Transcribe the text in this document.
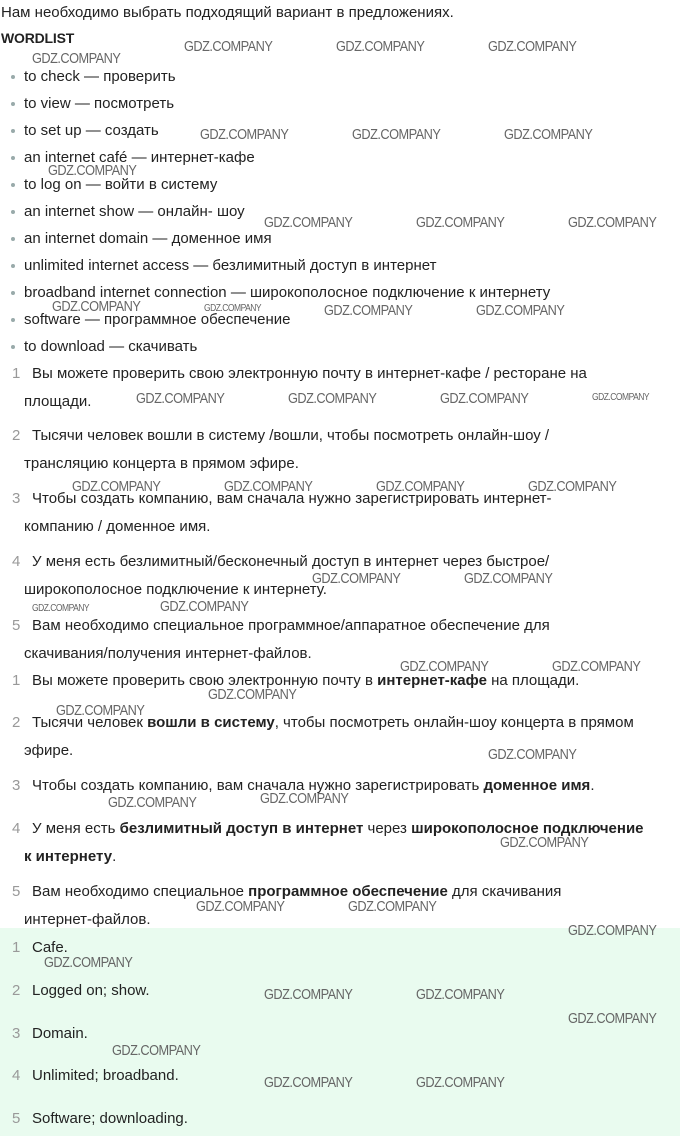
Нам необходимо выбрать подходящий вариант в предложениях.
WORDLIST
to check — проверить
to view — посмотреть
to set up — создать
an internet café — интернет-кафе
to log on — войти в систему
an internet show — онлайн- шоу
an internet domain — доменное имя
unlimited internet access — безлимитный доступ в интернет
broadband internet connection — широкополосное подключение к интернету
software — программное обеспечение
to download — скачивать
1 Вы можете проверить свою электронную почту в интернет-кафе / ресторане на
площади.
2 Тысячи человек вошли в систему /вошли, чтобы посмотреть онлайн-шоу /
трансляцию концерта в прямом эфире.
3 Чтобы создать компанию, вам сначала нужно зарегистрировать интернет-
компанию / доменное имя.
4 У меня есть безлимитный/бесконечный доступ в интернет через быстрое/
широкополосное подключение к интернету.
5 Вам необходимо специальное программное/аппаратное обеспечение для
скачивания/получения интернет-файлов.
1 Вы можете проверить свою электронную почту в интернет-кафе на площади.
2 Тысячи человек вошли в систему, чтобы посмотреть онлайн-шоу концерта в прямом
эфире.
3 Чтобы создать компанию, вам сначала нужно зарегистрировать доменное имя.
4 У меня есть безлимитный доступ в интернет через широкополосное подключение
к интернету.
5 Вам необходимо специальное программное обеспечение для скачивания
интернет-файлов.
1 Cafe.
2 Logged on; show.
3 Domain.
4 Unlimited; broadband.
5 Software; downloading.
GDZ.COMPANY
GDZ.COMPANY	GDZ.COMPANY	GDZ.COMPANY
GDZ.COMPANY	GDZ.COMPANY	GDZ.COMPANY
GDZ.COMPANY
GDZ.COMPANY	GDZ.COMPANY	GDZ.COMPANY
GDZ.COMPANY	GDZ.COMPANY	GDZ.COMPANY	GDZ.COMPANY
GDZ.COMPANY	GDZ.COMPANY	GDZ.COMPANY	GDZ.COMPANY
GDZ.COMPANY	GDZ.COMPANY	GDZ.COMPANY	GDZ.COMPANY
GDZ.COMPANY	GDZ.COMPANY
GDZ.COMPANY	GDZ.COMPANY
GDZ.COMPANY	GDZ.COMPANY
GDZ.COMPANY
GDZ.COMPANY
GDZ.COMPANY
GDZ.COMPANY
GDZ.COMPANY
GDZ.COMPANY
GDZ.COMPANY	GDZ.COMPANY
GDZ.COMPANY
GDZ.COMPANY
GDZ.COMPANY	GDZ.COMPANY
GDZ.COMPANY
GDZ.COMPANY
GDZ.COMPANY	GDZ.COMPANY
